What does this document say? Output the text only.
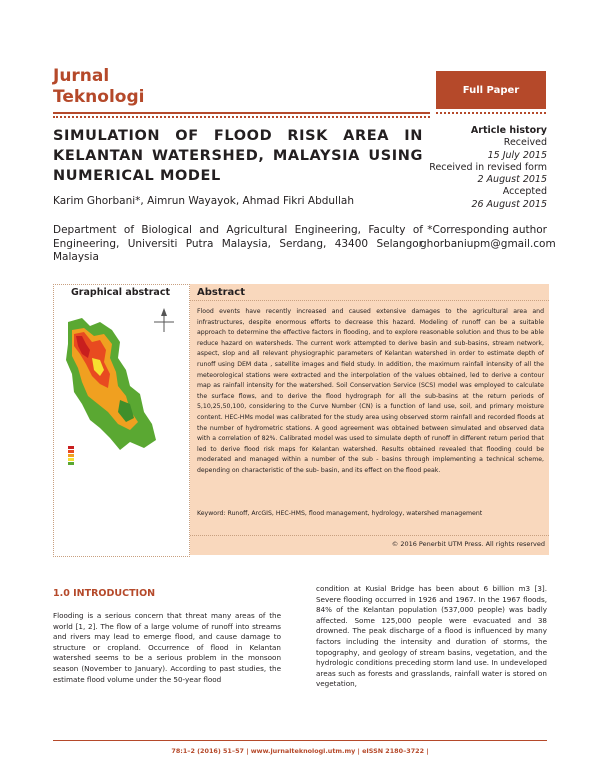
Jurnal
Teknologi	Full Paper
SIMULATION OF FLOOD RISK AREA IN KELANTAN WATERSHED, MALAYSIA USING NUMERICAL MODEL
Karim Ghorbani*, Aimrun Wayayok, Ahmad Fikri Abdullah
Department of Biological and Agricultural Engineering, Faculty of Engineering, Universiti Putra Malaysia, Serdang, 43400 Selangor Malaysia
Article history
Received
15 July 2015
Received in revised form
2 August 2015
Accepted
26 August 2015
*Corresponding author
ghorbaniupm@gmail.com
Graphical abstract	Abstract
Flood events have recently increased and caused extensive damages to the agricultural area and infrastructures, despite enormous efforts to decrease this hazard. Modeling of runoff can be a suitable approach to determine the effective factors in flooding, and to explore reasonable solution and thus to be able reduce hazard on watersheds. The current work attempted to derive basin and sub-basins, stream network, aspect, slop and all relevant physiographic parameters of Kelantan watershed in order to estimate depth of runoff using DEM data , satellite images and field study. In addition, the maximum rainfall intensity of all the meteorological stations were extracted and the interpolation of the values obtained, led to derive a contour map as rainfall intensity for the watershed. Soil Conservation Service (SCS) model was employed to calculate the surface flows, and to derive the flood hydrograph for all the sub-basins at the return periods of 5,10,25,50,100, considering to the Curve Number (CN) is a function of land use, soil, and primary moisture content. HEC-HMs model was calibrated for the study area using observed storm rainfall and recorded floods at the number of hydrometric stations. A good agreement was obtained between simulated and observed data with a correlation of 82%. Calibrated model was used to simulate depth of runoff in different return period that led to derive flood risk maps for Kelantan watershed. Results obtained revealed that flooding could be moderated and managed within a number of the sub - basins through implementing a technical scheme, depending on characteristic of the sub- basin, and its effect on the flood peak.
Keyword: Runoff, ArcGIS, HEC-HMS, flood management, hydrology, watershed management
© 2016 Penerbit UTM Press. All rights reserved
1.0 INTRODUCTION
Flooding is a serious concern that threat many areas of the world [1, 2]. The flow of a large volume of runoff into streams and rivers may lead to emerge flood, and cause damage to structure or cropland. Occurrence of flood in Kelantan watershed seems to be a serious problem in the monsoon season (November to January). According to past studies, the estimate flood volume under the 50-year flood
condition at Kusial Bridge has been about 6 billion m3 [3]. Severe flooding occurred in 1926 and 1967. In the 1967 floods, 84% of the Kelantan population (537,000 people) was badly affected. Some 125,000 people were evacuated and 38 drowned. The peak discharge of a flood is influenced by many factors including the intensity and duration of storms, the topography, and geology of stream basins, vegetation, and the hydrologic conditions preceding storm land use. In undeveloped areas such as forests and grasslands, rainfall water is stored on vegetation,
78:1–2 (2016) 51–57 | www.jurnalteknologi.utm.my | eISSN 2180–3722 |
